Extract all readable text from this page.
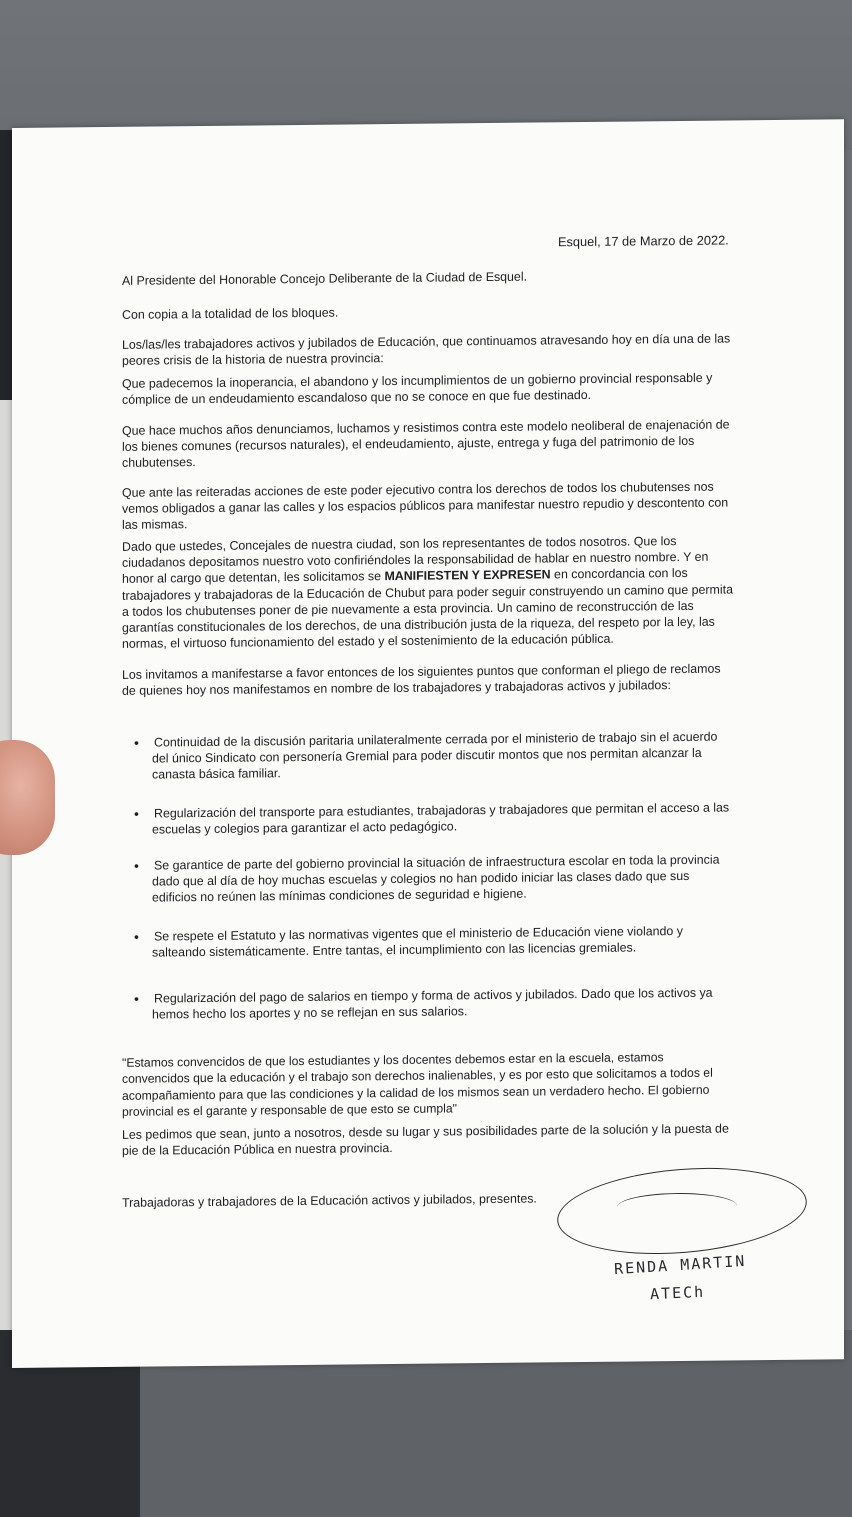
Esquel, 17 de Marzo de 2022.

Al Presidente del Honorable Concejo Deliberante de la Ciudad de Esquel.

Con copia a la totalidad de los bloques.

Los/las/les trabajadores activos y jubilados de Educación, que continuamos atravesando hoy en día una de las peores crisis de la historia de nuestra provincia:

Que padecemos la inoperancia, el abandono y los incumplimientos de un gobierno provincial responsable y cómplice de un endeudamiento escandaloso que no se conoce en que fue destinado.

Que hace muchos años denunciamos, luchamos y resistimos contra este modelo neoliberal de enajenación de los bienes comunes (recursos naturales), el endeudamiento, ajuste, entrega y fuga del patrimonio de los chubutenses.

Que ante las reiteradas acciones de este poder ejecutivo contra los derechos de todos los chubutenses nos vemos obligados a ganar las calles y los espacios públicos para manifestar nuestro repudio y descontento con las mismas.

Dado que ustedes, Concejales de nuestra ciudad, son los representantes de todos nosotros. Que los ciudadanos depositamos nuestro voto confiriéndoles la responsabilidad de hablar en nuestro nombre. Y en honor al cargo que detentan, les solicitamos se MANIFIESTEN Y EXPRESEN en concordancia con los trabajadores y trabajadoras de la Educación de Chubut para poder seguir construyendo un camino que permita a todos los chubutenses poner de pie nuevamente a esta provincia. Un camino de reconstrucción de las garantías constitucionales de los derechos, de una distribución justa de la riqueza, del respeto por la ley, las normas, el virtuoso funcionamiento del estado y el sostenimiento de la educación pública.

Los invitamos a manifestarse a favor entonces de los siguientes puntos que conforman el pliego de reclamos de quienes hoy nos manifestamos en nombre de los trabajadores y trabajadoras activos y jubilados:

• Continuidad de la discusión paritaria unilateralmente cerrada por el ministerio de trabajo sin el acuerdo del único Sindicato con personería Gremial para poder discutir montos que nos permitan alcanzar la canasta básica familiar.
• Regularización del transporte para estudiantes, trabajadoras y trabajadores que permitan el acceso a las escuelas y colegios para garantizar el acto pedagógico.
• Se garantice de parte del gobierno provincial la situación de infraestructura escolar en toda la provincia dado que al día de hoy muchas escuelas y colegios no han podido iniciar las clases dado que sus edificios no reúnen las mínimas condiciones de seguridad e higiene.
• Se respete el Estatuto y las normativas vigentes que el ministerio de Educación viene violando y salteando sistemáticamente. Entre tantas, el incumplimiento con las licencias gremiales.
• Regularización del pago de salarios en tiempo y forma de activos y jubilados. Dado que los activos ya hemos hecho los aportes y no se reflejan en sus salarios.

"Estamos convencidos de que los estudiantes y los docentes debemos estar en la escuela, estamos convencidos que la educación y el trabajo son derechos inalienables, y es por esto que solicitamos a todos el acompañamiento para que las condiciones y la calidad de los mismos sean un verdadero hecho. El gobierno provincial es el garante y responsable de que esto se cumpla"

Les pedimos que sean, junto a nosotros, desde su lugar y sus posibilidades parte de la solución y la puesta de pie de la Educación Pública en nuestra provincia.

Trabajadoras y trabajadores de la Educación activos y jubilados, presentes.

RENDA MARTIN
ATECh
